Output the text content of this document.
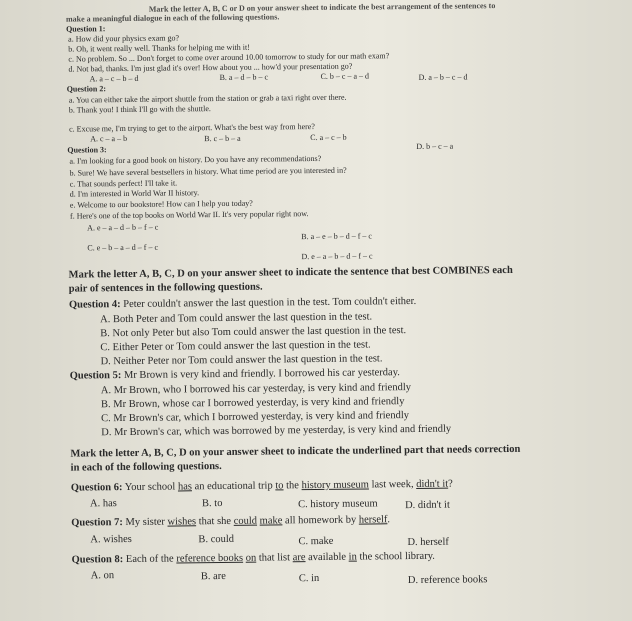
Mark the letter A, B, C or D on your answer sheet to indicate the best arrangement of the sentences to
make a meaningful dialogue in each of the following questions.
Question 1:
a. How did your physics exam go?
b. Oh, it went really well. Thanks for helping me with it!
c. No problem. So ... Don't forget to come over around 10.00 tomorrow to study for our math exam?
d. Not bad, thanks. I'm just glad it's over! How about you ... how'd your presentation go?
A. a – c – b – d	B. a – d – b – c	C. b – c – a – d	D. a – b – c – d
Question 2:
a. You can either take the airport shuttle from the station or grab a taxi right over there.
b. Thank you! I think I'll go with the shuttle.
c. Excuse me, I'm trying to get to the airport. What's the best way from here?
A. c – a – b	B. c – b – a	C. a – c – b
D. b – c – a
Question 3:
a. I'm looking for a good book on history. Do you have any recommendations?
b. Sure! We have several bestsellers in history. What time period are you interested in?
c. That sounds perfect! I'll take it.
d. I'm interested in World War II history.
e. Welcome to our bookstore! How can I help you today?
f. Here's one of the top books on World War II. It's very popular right now.
A. e – a – d – b – f – c
B. a – e – b – d – f – c
C. e – b – a – d – f – c
D. e – a – b – d – f – c
Mark the letter A, B, C, D on your answer sheet to indicate the sentence that best COMBINES each
pair of sentences in the following questions.
Question 4: Peter couldn't answer the last question in the test. Tom couldn't either.
A. Both Peter and Tom could answer the last question in the test.
B. Not only Peter but also Tom could answer the last question in the test.
C. Either Peter or Tom could answer the last question in the test.
D. Neither Peter nor Tom could answer the last question in the test.
Question 5: Mr Brown is very kind and friendly. I borrowed his car yesterday.
A. Mr Brown, who I borrowed his car yesterday, is very kind and friendly
B. Mr Brown, whose car I borrowed yesterday, is very kind and friendly
C. Mr Brown's car, which I borrowed yesterday, is very kind and friendly
D. Mr Brown's car, which was borrowed by me yesterday, is very kind and friendly
Mark the letter A, B, C, D on your answer sheet to indicate the underlined part that needs correction
in each of the following questions.
Question 6: Your school has an educational trip to the history museum last week, didn't it?
A. has	B. to	C. history museum	D. didn't it
Question 7: My sister wishes that she could make all homework by herself.
A. wishes	B. could	C. make	D. herself
Question 8: Each of the reference books on that list are available in the school library.
A. on	B. are	C. in	D. reference books
